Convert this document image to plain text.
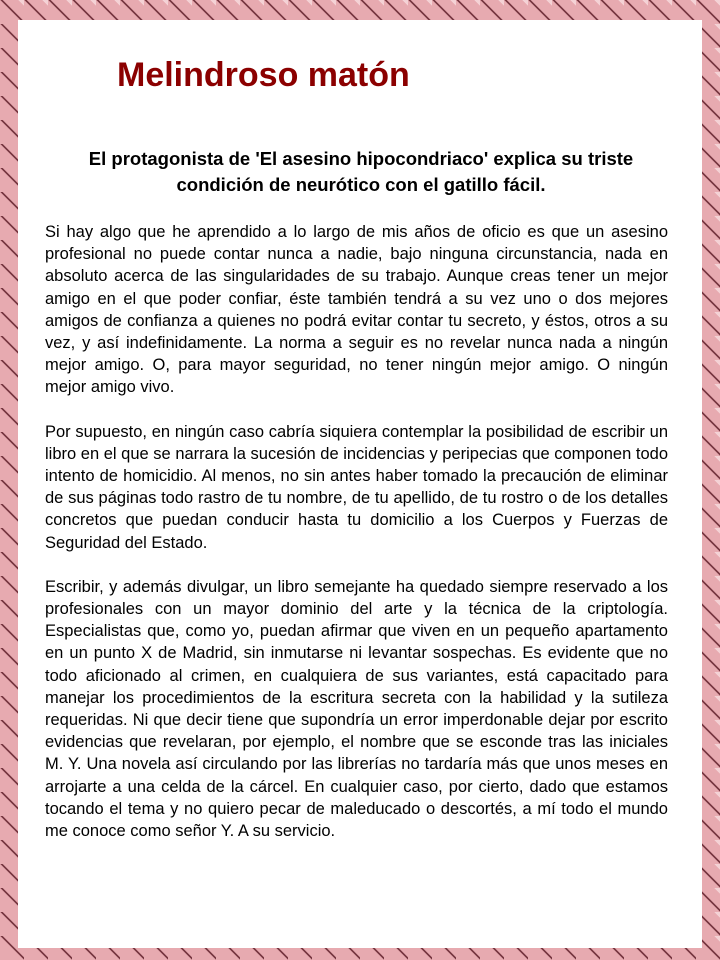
Melindroso matón

El protagonista de 'El asesino hipocondriaco' explica su triste condición de neurótico con el gatillo fácil.

Si hay algo que he aprendido a lo largo de mis años de oficio es que un asesino profesional no puede contar nunca a nadie, bajo ninguna circunstancia, nada en absoluto acerca de las singularidades de su trabajo. Aunque creas tener un mejor amigo en el que poder confiar, éste también tendrá a su vez uno o dos mejores amigos de confianza a quienes no podrá evitar contar tu secreto, y éstos, otros a su vez, y así indefinidamente. La norma a seguir es no revelar nunca nada a ningún mejor amigo. O, para mayor seguridad, no tener ningún mejor amigo. O ningún mejor amigo vivo.

Por supuesto, en ningún caso cabría siquiera contemplar la posibilidad de escribir un libro en el que se narrara la sucesión de incidencias y peripecias que componen todo intento de homicidio. Al menos, no sin antes haber tomado la precaución de eliminar de sus páginas todo rastro de tu nombre, de tu apellido, de tu rostro o de los detalles concretos que puedan conducir hasta tu domicilio a los Cuerpos y Fuerzas de Seguridad del Estado.

Escribir, y además divulgar, un libro semejante ha quedado siempre reservado a los profesionales con un mayor dominio del arte y la técnica de la criptología. Especialistas que, como yo, puedan afirmar que viven en un pequeño apartamento en un punto X de Madrid, sin inmutarse ni levantar sospechas. Es evidente que no todo aficionado al crimen, en cualquiera de sus variantes, está capacitado para manejar los procedimientos de la escritura secreta con la habilidad y la sutileza requeridas. Ni que decir tiene que supondría un error imperdonable dejar por escrito evidencias que revelaran, por ejemplo, el nombre que se esconde tras las iniciales M. Y. Una novela así circulando por las librerías no tardaría más que unos meses en arrojarte a una celda de la cárcel. En cualquier caso, por cierto, dado que estamos tocando el tema y no quiero pecar de maleducado o descortés, a mí todo el mundo me conoce como señor Y. A su servicio.
